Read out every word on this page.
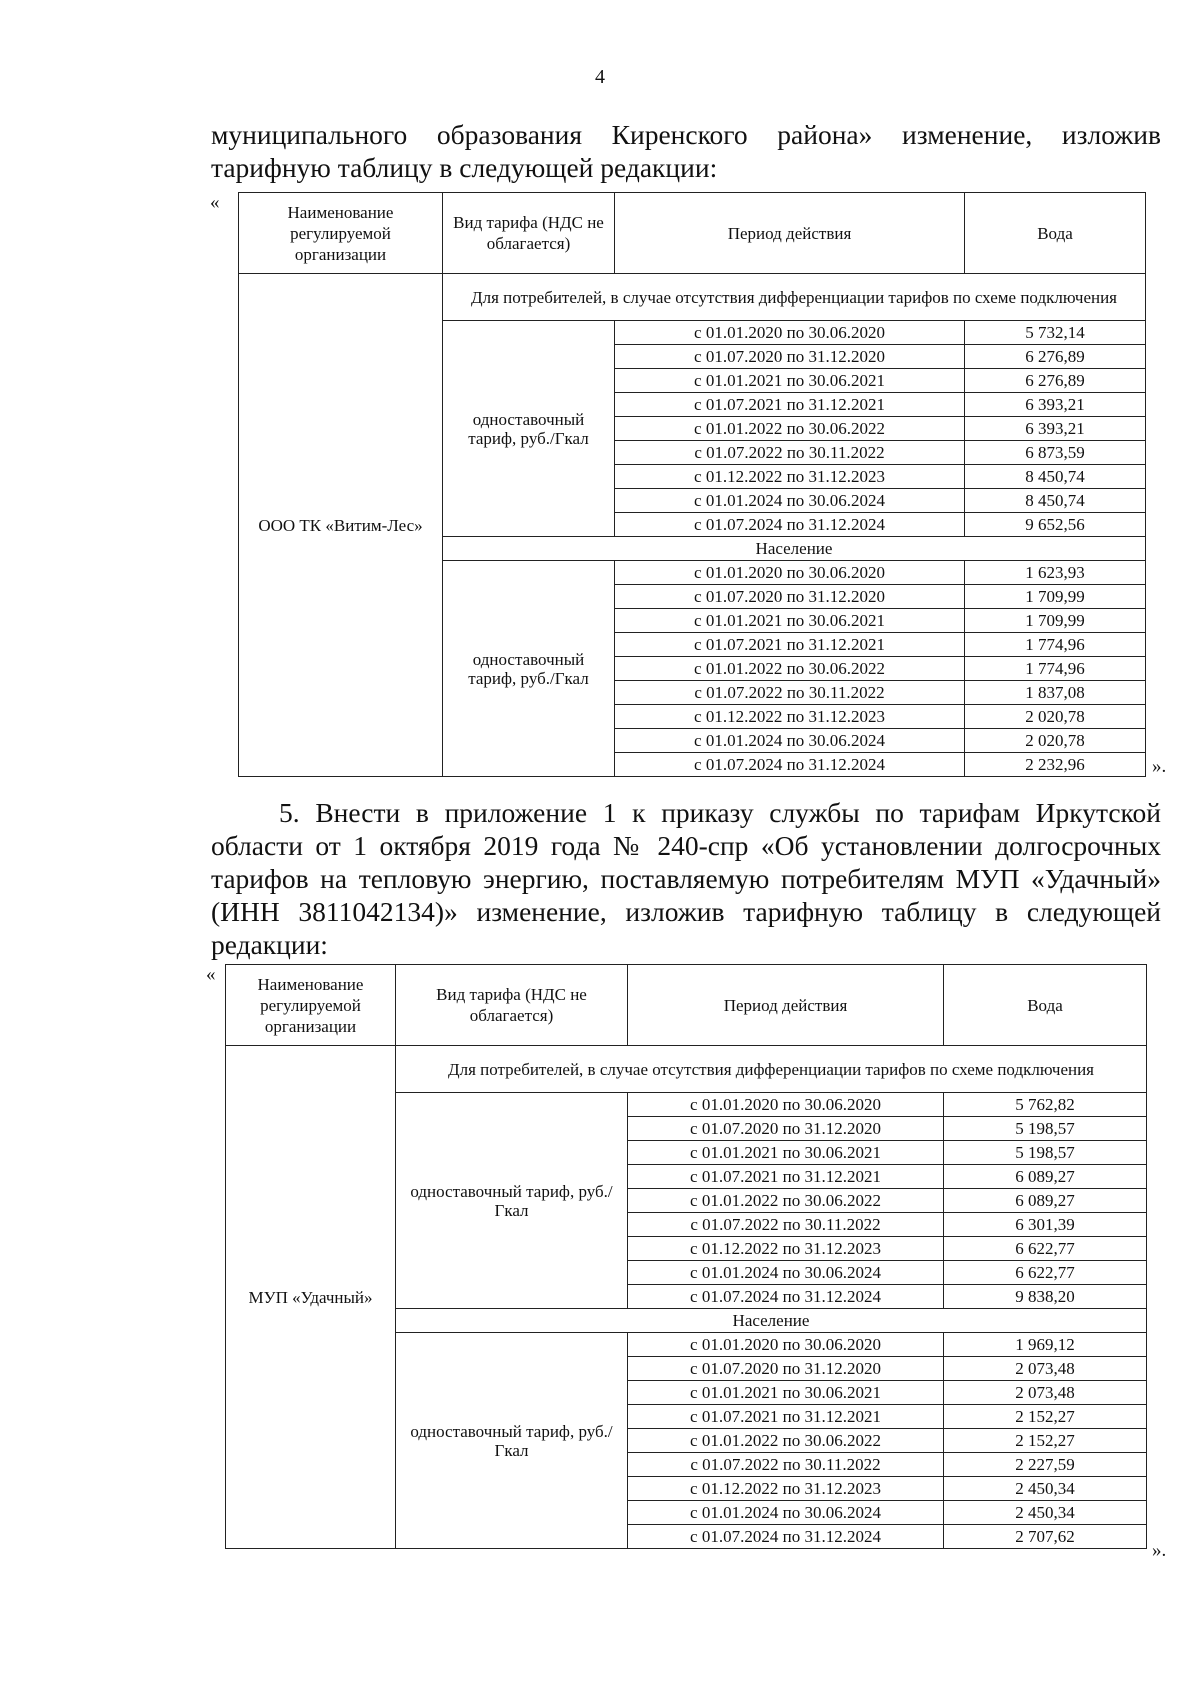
4

муниципального образования Киренского района» изменение, изложив тарифную таблицу в следующей редакции:

«	Наименование регулируемой организации	Вид тарифа (НДС не облагается)	Период действия	Вода
ООО ТК «Витим-Лес»	Для потребителей, в случае отсутствия дифференциации тарифов по схеме подключения		
	одноставочный тариф, руб./Гкал	с 01.01.2020 по 30.06.2020	5 732,14
		с 01.07.2020 по 31.12.2020	6 276,89
		с 01.01.2021 по 30.06.2021	6 276,89
		с 01.07.2021 по 31.12.2021	6 393,21
		с 01.01.2022 по 30.06.2022	6 393,21
		с 01.07.2022 по 30.11.2022	6 873,59
		с 01.12.2022 по 31.12.2023	8 450,74
		с 01.01.2024 по 30.06.2024	8 450,74
		с 01.07.2024 по 31.12.2024	9 652,56
	Население		
	одноставочный тариф, руб./Гкал	с 01.01.2020 по 30.06.2020	1 623,93
		с 01.07.2020 по 31.12.2020	1 709,99
		с 01.01.2021 по 30.06.2021	1 709,99
		с 01.07.2021 по 31.12.2021	1 774,96
		с 01.01.2022 по 30.06.2022	1 774,96
		с 01.07.2022 по 30.11.2022	1 837,08
		с 01.12.2022 по 31.12.2023	2 020,78
		с 01.01.2024 по 30.06.2024	2 020,78
		с 01.07.2024 по 31.12.2024	2 232,96	».

5. Внести в приложение 1 к приказу службы по тарифам Иркутской области от 1 октября 2019 года № 240-спр «Об установлении долгосрочных тарифов на тепловую энергию, поставляемую потребителям МУП «Удачный» (ИНН 3811042134)» изменение, изложив тарифную таблицу в следующей редакции:

« Наименование регулируемой организации	Вид тарифа (НДС не облагается)	Период действия	Вода
МУП «Удачный»	Для потребителей, в случае отсутствия дифференциации тарифов по схеме подключения		
	одноставочный тариф, руб./Гкал	с 01.01.2020 по 30.06.2020	5 762,82
		с 01.07.2020 по 31.12.2020	5 198,57
		с 01.01.2021 по 30.06.2021	5 198,57
		с 01.07.2021 по 31.12.2021	6 089,27
		с 01.01.2022 по 30.06.2022	6 089,27
		с 01.07.2022 по 30.11.2022	6 301,39
		с 01.12.2022 по 31.12.2023	6 622,77
		с 01.01.2024 по 30.06.2024	6 622,77
		с 01.07.2024 по 31.12.2024	9 838,20
	Население		
	одноставочный тариф, руб./Гкал	с 01.01.2020 по 30.06.2020	1 969,12
		с 01.07.2020 по 31.12.2020	2 073,48
		с 01.01.2021 по 30.06.2021	2 073,48
		с 01.07.2021 по 31.12.2021	2 152,27
		с 01.01.2022 по 30.06.2022	2 152,27
		с 01.07.2022 по 30.11.2022	2 227,59
		с 01.12.2022 по 31.12.2023	2 450,34
		с 01.01.2024 по 30.06.2024	2 450,34
		с 01.07.2024 по 31.12.2024	2 707,62
».
